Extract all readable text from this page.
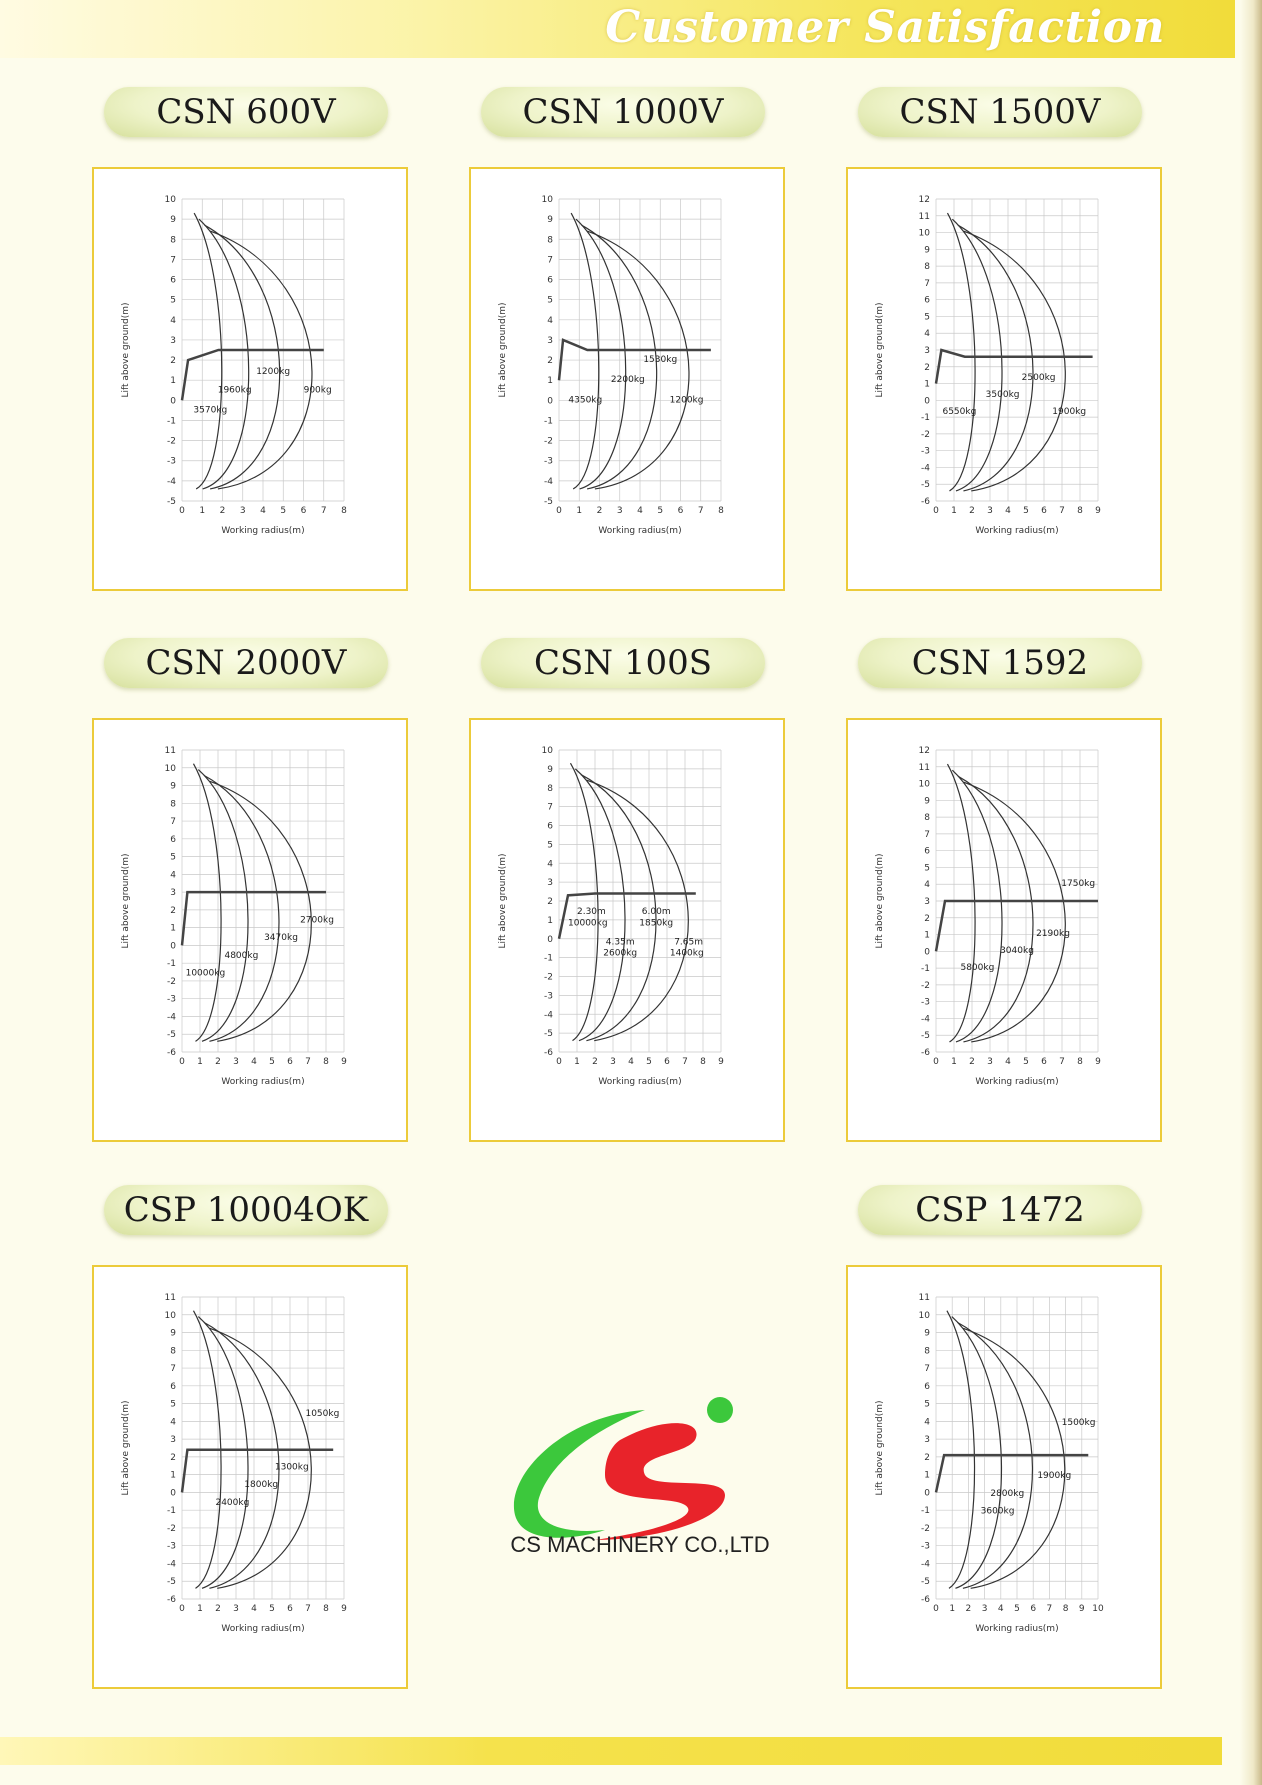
Customer Satisfaction
CSN 600V
0 1 2 3 4 5 6 7 8
-5
-4
-3
-2
-1
0
1
2
3
4
5
6
7
8
9
10
Working radius(m)
Lift above ground(m)
3570kg
1960kg
1200kg
900kg
CSN 1000V
0 1 2 3 4 5 6 7 8
-5
-4
-3
-2
-1
0
1
2
3
4
5
6
7
8
9
10
Working radius(m)
Lift above ground(m)
4350kg
2200kg
1530kg
1200kg
CSN 1500V
0 1 2 3 4 5 6 7 8 9
-6
-5
-4
-3
-2
-1
0
1
2
3
4
5
6
7
8
9
10
11
12
Working radius(m)
Lift above ground(m)
6550kg
3500kg
2500kg
1900kg
CSN 2000V
0 1 2 3 4 5 6 7 8 9
-6
-5
-4
-3
-2
-1
0
1
2
3
4
5
6
7
8
9
10
11
Working radius(m)
Lift above ground(m)
10000kg
4800kg
3470kg
2700kg
CSN 100S
0 1 2 3 4 5 6 7 8 9
-6
-5
-4
-3
-2
-1
0
1
2
3
4
5
6
7
8
9
10
Working radius(m)
Lift above ground(m)	2.30m
10000kg
6.00m
1850kg
4.35m
2600kg
7.65m
1400kg
CSN 1592
0 1 2 3 4 5 6 7 8 9
-6
-5
-4
-3
-2
-1
0
1
2
3
4
5
6
7
8
9
10
11
12
Working radius(m)
Lift above ground(m)
5800kg
3040kg
2190kg
1750kg
CSP 10004OK
0 1 2 3 4 5 6 7 8 9
-6
-5
-4
-3
-2
-1
0
1
2
3
4
5
6
7
8
9
10
11
Working radius(m)
Lift above ground(m)
2400kg
1800kg
1300kg
1050kg
CSP 1472
0 1 2 3 4 5 6 7 8 9 10
-6
-5
-4
-3
-2
-1
0
1
2
3
4
5
6
7
8
9
10
11
Working radius(m)
Lift above ground(m)
3600kg
2800kg
1900kg
1500kg
CS MACHINERY CO.,LTD
